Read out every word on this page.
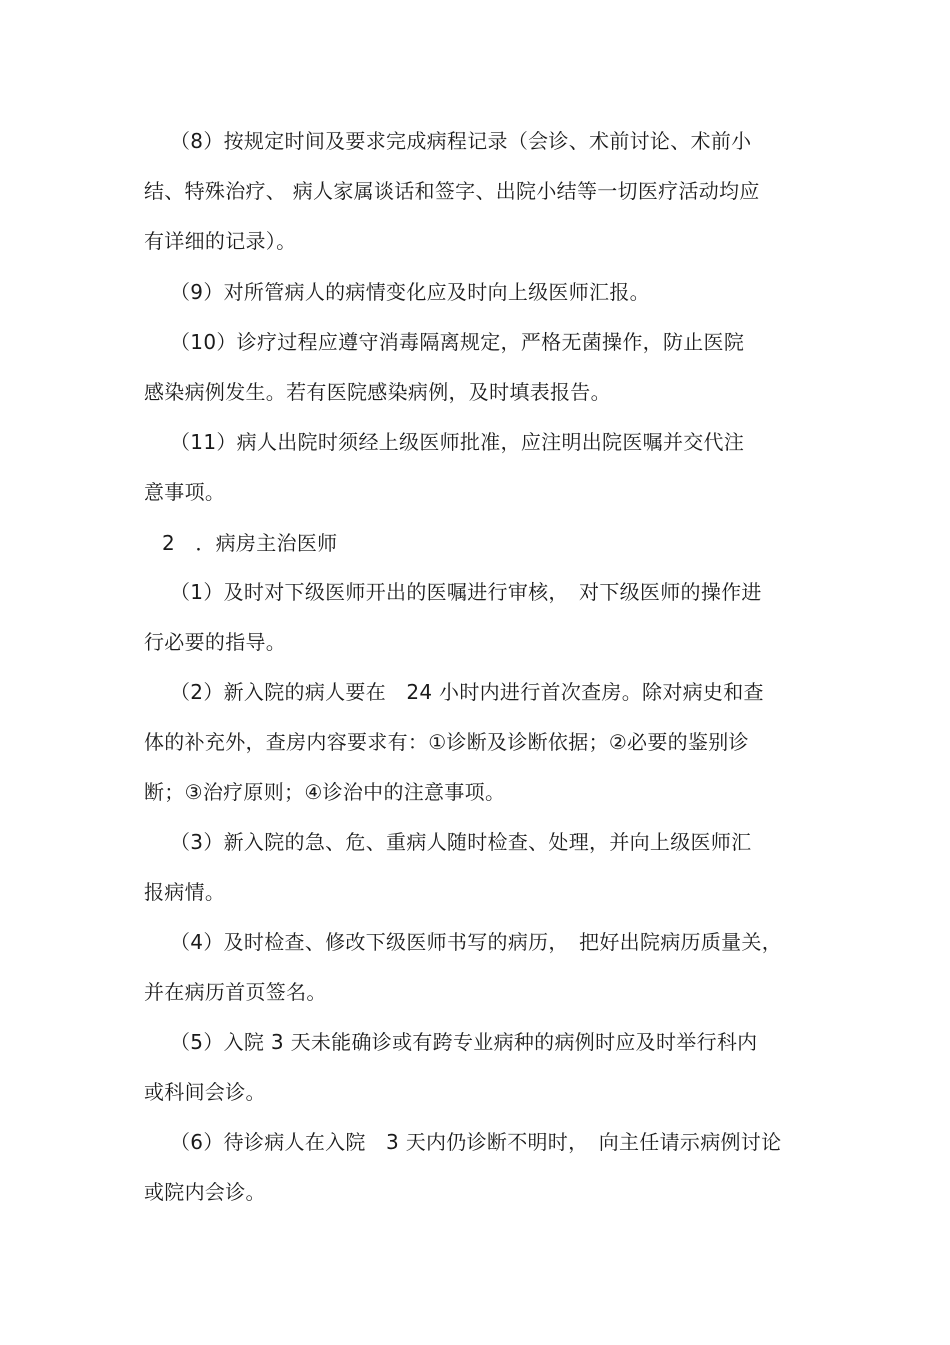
（8）按规定时间及要求完成病程记录（会诊、术前讨论、术前小
结、特殊治疗、 病人家属谈话和签字、出院小结等一切医疗活动均应
有详细的记录）。
（9）对所管病人的病情变化应及时向上级医师汇报。
（10）诊疗过程应遵守消毒隔离规定，严格无菌操作，防止医院
感染病例发生。若有医院感染病例，及时填表报告。
（11）病人出院时须经上级医师批准，应注明出院医嘱并交代注
意事项。
2　．病房主治医师
（1）及时对下级医师开出的医嘱进行审核，　对下级医师的操作进
行必要的指导。
（2）新入院的病人要在　24 小时内进行首次查房。除对病史和查
体的补充外，查房内容要求有：①诊断及诊断依据；②必要的鉴别诊
断；③治疗原则；④诊治中的注意事项。
（3）新入院的急、危、重病人随时检查、处理，并向上级医师汇
报病情。
（4）及时检查、修改下级医师书写的病历，　把好出院病历质量关，
并在病历首页签名。
（5）入院 3 天未能确诊或有跨专业病种的病例时应及时举行科内
或科间会诊。
（6）待诊病人在入院　3 天内仍诊断不明时，　向主任请示病例讨论
或院内会诊。
